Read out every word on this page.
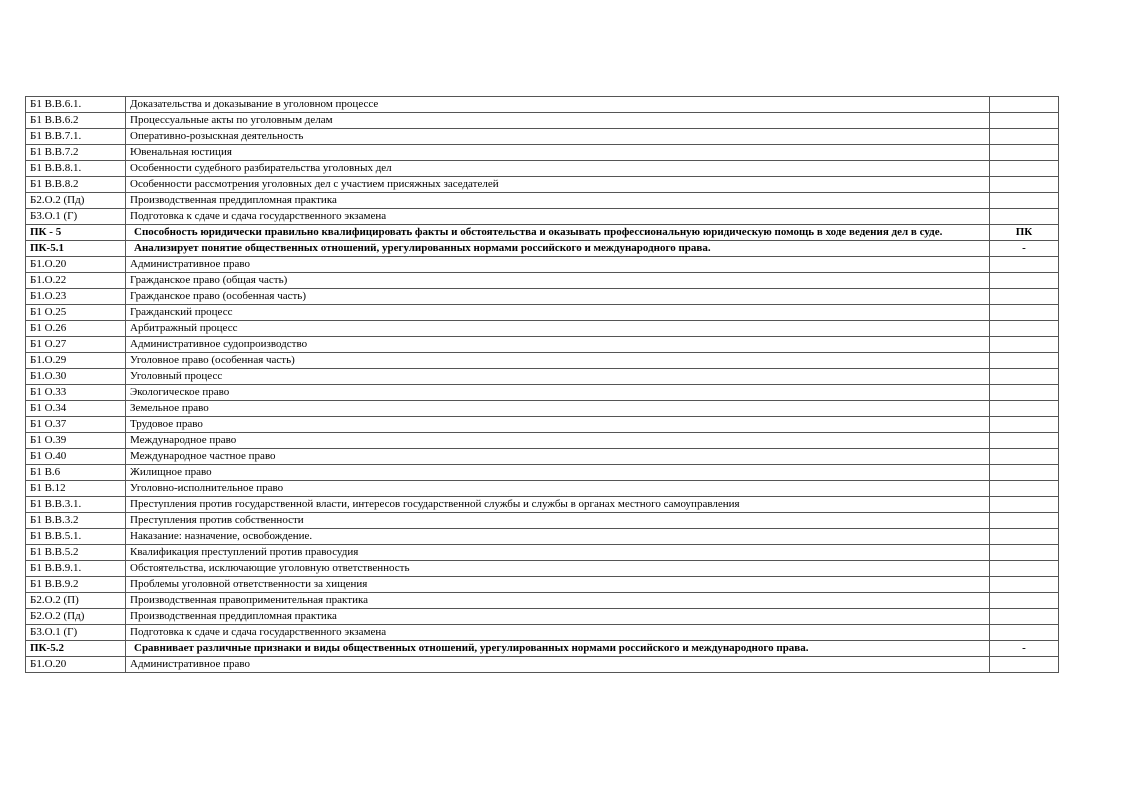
Б1 В.В.6.1.	Доказательства и доказывание в уголовном процессе	
Б1 В.В.6.2	Процессуальные акты по уголовным делам	
Б1 В.В.7.1.	Оперативно-розыскная деятельность	
Б1 В.В.7.2	Ювенальная юстиция	
Б1 В.В.8.1.	Особенности судебного разбирательства уголовных дел	
Б1 В.В.8.2	Особенности рассмотрения уголовных дел с участием присяжных заседателей	
Б2.О.2 (Пд)	Производственная преддипломная практика	
Б3.О.1 (Г)	Подготовка к сдаче и сдача государственного экзамена	
ПК - 5	Способность юридически правильно квалифицировать факты и обстоятельства и оказывать профессиональную юридическую помощь в ходе ведения дел в суде.	ПК
ПК-5.1	Анализирует понятие общественных отношений, урегулированных нормами российского и международного права.	-
Б1.О.20	Административное право	
Б1.О.22	Гражданское право (общая часть)	
Б1.О.23	Гражданское право (особенная часть)	
Б1 О.25	Гражданский процесс	
Б1 О.26	Арбитражный процесс	
Б1 О.27	Административное судопроизводство	
Б1.О.29	Уголовное право (особенная часть)	
Б1.О.30	Уголовный процесс	
Б1 О.33	Экологическое право	
Б1 О.34	Земельное право	
Б1 О.37	Трудовое право	
Б1 О.39	Международное право	
Б1 О.40	Международное частное право	
Б1 В.6	Жилищное право	
Б1 В.12	Уголовно-исполнительное право	
Б1 В.В.3.1.	Преступления против государственной власти, интересов государственной службы и службы в органах местного самоуправления	
Б1 В.В.3.2	Преступления против собственности	
Б1 В.В.5.1.	Наказание: назначение, освобождение.	
Б1 В.В.5.2	Квалификация преступлений против правосудия	
Б1 В.В.9.1.	Обстоятельства, исключающие уголовную ответственность	
Б1 В.В.9.2	Проблемы уголовной ответственности за хищения	
Б2.О.2 (П)	Производственная правоприменительная практика	
Б2.О.2 (Пд)	Производственная преддипломная практика	
Б3.О.1 (Г)	Подготовка к сдаче и сдача государственного экзамена	
ПК-5.2	Сравнивает различные признаки и виды общественных отношений, урегулированных нормами российского и международного права.	-
Б1.О.20	Административное право	
